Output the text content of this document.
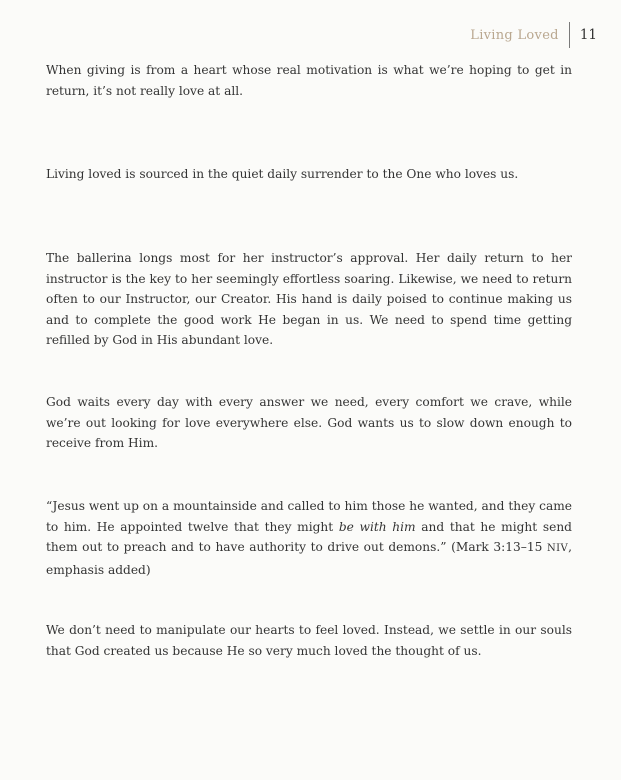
Living Loved	11

When giving is from a heart whose real motivation is what we’re hoping to get in return, it’s not really love at all.

Living loved is sourced in the quiet daily surrender to the One who loves us.

The ballerina longs most for her instructor’s approval. Her daily return to her instructor is the key to her seemingly effortless soaring. Likewise, we need to return often to our Instructor, our Creator. His hand is daily poised to continue making us and to complete the good work He began in us. We need to spend time getting refilled by God in His abundant love.

God waits every day with every answer we need, every comfort we crave, while we’re out looking for love everywhere else. God wants us to slow down enough to receive from Him.

“Jesus went up on a mountainside and called to him those he wanted, and they came to him. He appointed twelve that they might be with him and that he might send them out to preach and to have authority to drive out demons.” (Mark 3:13–15 NIV, emphasis added)

We don’t need to manipulate our hearts to feel loved. Instead, we settle in our souls that God created us because He so very much loved the thought of us.
